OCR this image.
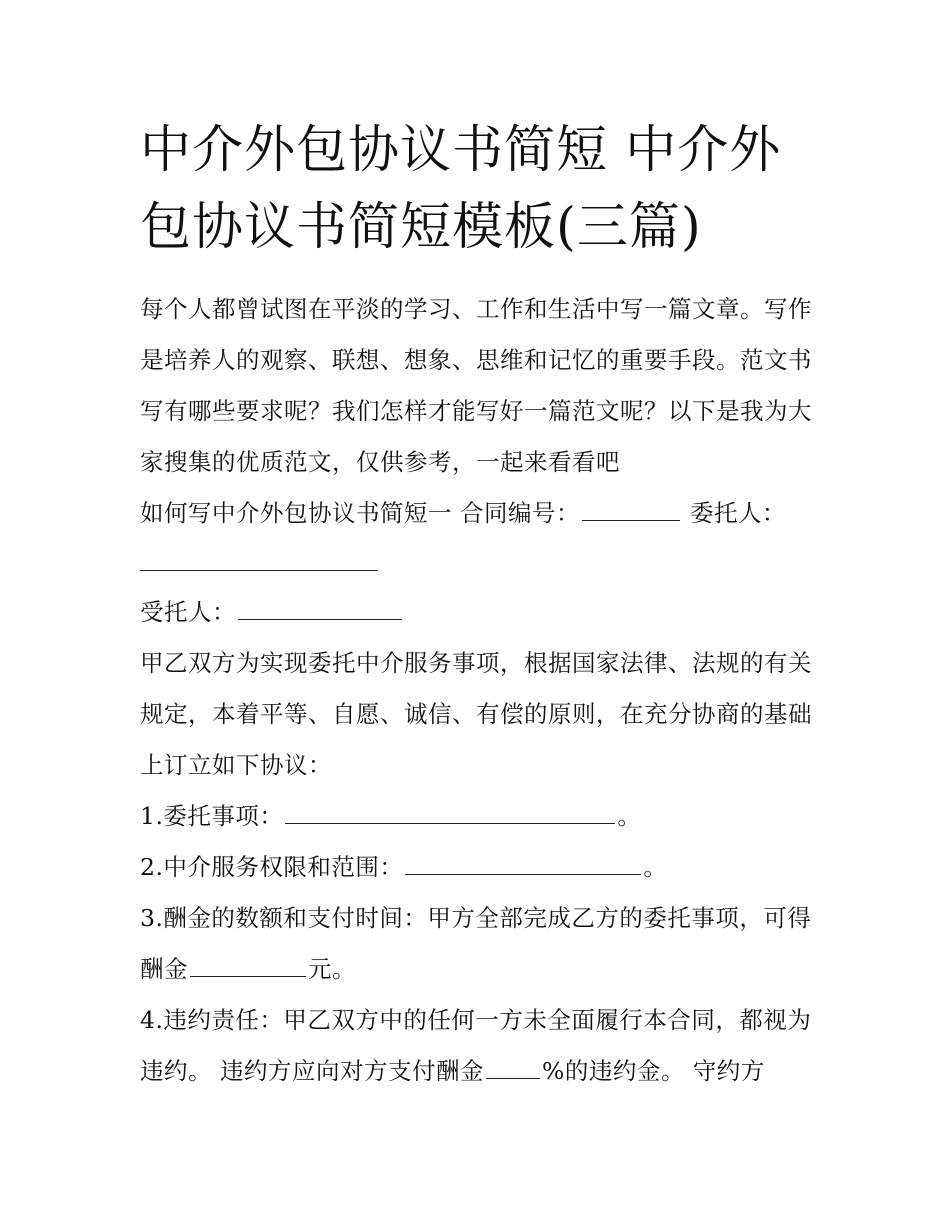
中介外包协议书简短 中介外包协议书简短模板(三篇)

每个人都曾试图在平淡的学习、工作和生活中写一篇文章。写作是培养人的观察、联想、想象、思维和记忆的重要手段。范文书写有哪些要求呢？我们怎样才能写好一篇范文呢？以下是我为大家搜集的优质范文，仅供参考，一起来看看吧

如何写中介外包协议书简短一 合同编号：	委托人：

受托人：

甲乙双方为实现委托中介服务事项，根据国家法律、法规的有关规定，本着平等、自愿、诚信、有偿的原则，在充分协商的基础上订立如下协议：

1.委托事项：	。

2.中介服务权限和范围：	。

3.酬金的数额和支付时间：甲方全部完成乙方的委托事项，可得酬金	元。

4.违约责任：甲乙双方中的任何一方未全面履行本合同，都视为违约。 违约方应向对方支付酬金 %的违约金。 守约方
